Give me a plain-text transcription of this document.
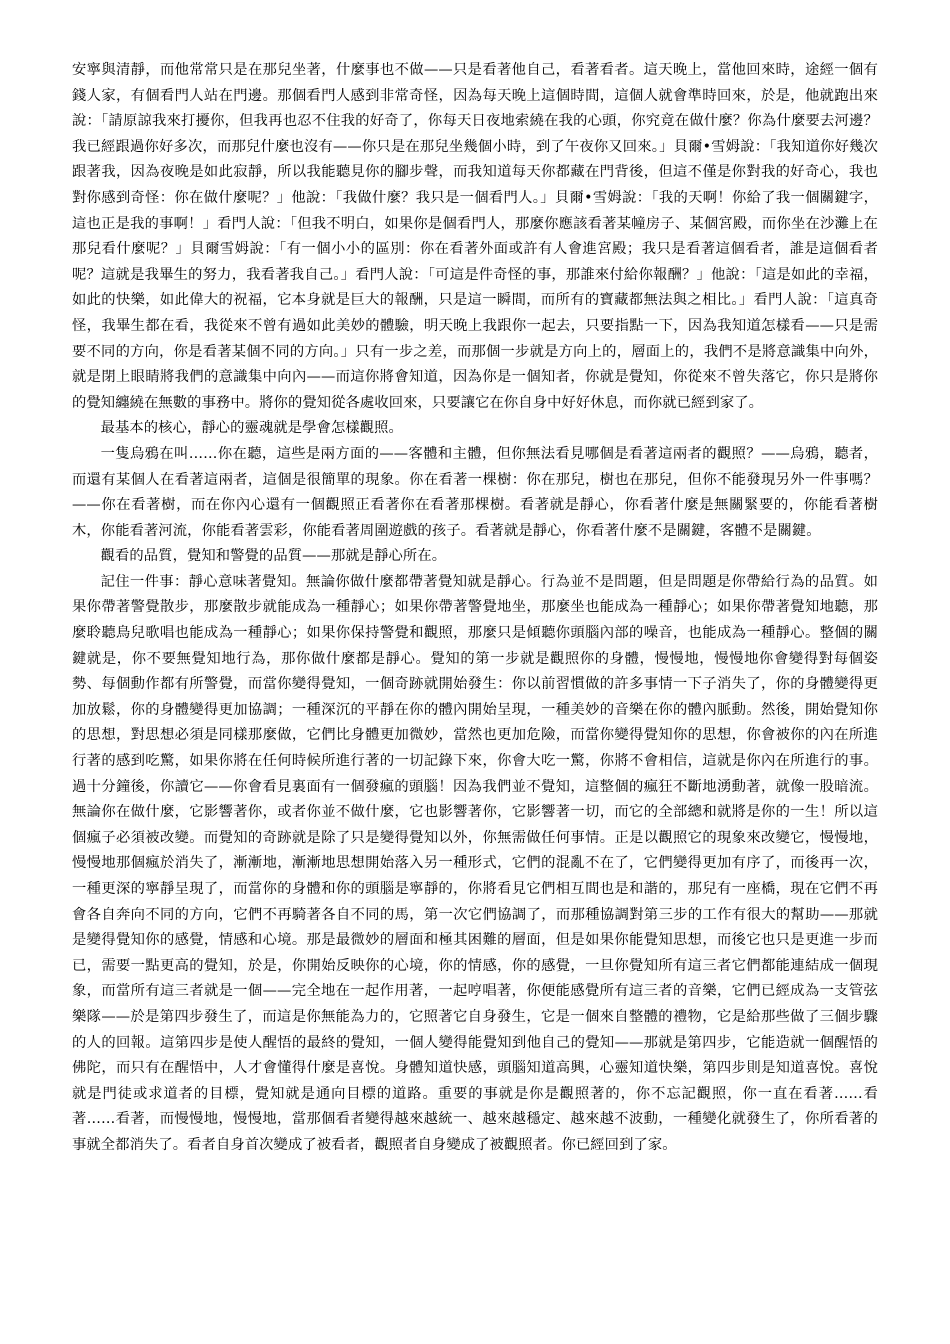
安寧與清靜，而他常常只是在那兒坐著，什麼事也不做——只是看著他自己，看著看者。這天晚上，當他回來時，途經一個有錢人家，有個看門人站在門邊。那個看門人感到非常奇怪，因為每天晚上這個時間，這個人就會準時回來，於是，他就跑出來說：「請原諒我來打擾你，但我再也忍不住我的好奇了，你每天日夜地索繞在我的心頭，你究竟在做什麼？你為什麼要去河邊？我已經跟過你好多次，而那兒什麼也沒有——你只是在那兒坐幾個小時，到了午夜你又回來。」貝爾•雪姆說：「我知道你好幾次跟著我，因為夜晚是如此寂靜，所以我能聽見你的腳步聲，而我知道每天你都藏在門背後，但這不僅是你對我的好奇心，我也對你感到奇怪：你在做什麼呢？」他說：「我做什麼？我只是一個看門人。」貝爾•雪姆說：「我的天啊！你給了我一個關鍵字，這也正是我的事啊！」看門人說：「但我不明白，如果你是個看門人，那麼你應該看著某幢房子、某個宮殿，而你坐在沙灘上在那兒看什麼呢？」貝爾雪姆說：「有一個小小的區別：你在看著外面或許有人會進宮殿；我只是看著這個看者，誰是這個看者呢？這就是我畢生的努力，我看著我自己。」看門人說：「可這是件奇怪的事，那誰來付給你報酬？」他說：「這是如此的幸福，如此的快樂，如此偉大的祝福，它本身就是巨大的報酬，只是這一瞬間，而所有的寶藏都無法與之相比。」看門人說：「這真奇怪，我畢生都在看，我從來不曾有過如此美妙的體驗，明天晚上我跟你一起去，只要指點一下，因為我知道怎樣看——只是需要不同的方向，你是看著某個不同的方向。」只有一步之差，而那個一步就是方向上的，層面上的，我們不是將意識集中向外，就是閉上眼睛將我們的意識集中向內——而這你將會知道，因為你是一個知者，你就是覺知，你從來不曾失落它，你只是將你的覺知纏繞在無數的事務中。將你的覺知從各處收回來，只要讓它在你自身中好好休息，而你就已經到家了。

最基本的核心，靜心的靈魂就是學會怎樣觀照。

一隻烏鴉在叫……你在聽，這些是兩方面的——客體和主體，但你無法看見哪個是看著這兩者的觀照？——烏鴉，聽者，而還有某個人在看著這兩者，這個是很簡單的現象。你在看著一棵樹：你在那兒，樹也在那兒，但你不能發現另外一件事嗎？——你在看著樹，而在你內心還有一個觀照正看著你在看著那棵樹。看著就是靜心，你看著什麼是無關緊要的，你能看著樹木，你能看著河流，你能看著雲彩，你能看著周圍遊戲的孩子。看著就是靜心，你看著什麼不是關鍵，客體不是關鍵。

觀看的品質，覺知和警覺的品質——那就是靜心所在。

記住一件事：靜心意味著覺知。無論你做什麼都帶著覺知就是靜心。行為並不是問題，但是問題是你帶給行為的品質。如果你帶著警覺散步，那麼散步就能成為一種靜心；如果你帶著警覺地坐，那麼坐也能成為一種靜心；如果你帶著覺知地聽，那麼聆聽鳥兒歌唱也能成為一種靜心；如果你保持警覺和觀照，那麼只是傾聽你頭腦內部的噪音，也能成為一種靜心。整個的關鍵就是，你不要無覺知地行為，那你做什麼都是靜心。覺知的第一步就是觀照你的身體，慢慢地，慢慢地你會變得對每個姿勢、每個動作都有所警覺，而當你變得覺知，一個奇跡就開始發生：你以前習慣做的許多事情一下子消失了，你的身體變得更加放鬆，你的身體變得更加協調；一種深沉的平靜在你的體內開始呈現，一種美妙的音樂在你的體內脈動。然後，開始覺知你的思想，對思想必須是同樣那麼做，它們比身體更加微妙，當然也更加危險，而當你變得覺知你的思想，你會被你的內在所進行著的感到吃驚，如果你將在任何時候所進行著的一切記錄下來，你會大吃一驚，你將不會相信，這就是你內在所進行的事。過十分鐘後，你讀它——你會看見裏面有一個發瘋的頭腦！因為我們並不覺知，這整個的瘋狂不斷地湧動著，就像一股暗流。無論你在做什麼，它影響著你，或者你並不做什麼，它也影響著你，它影響著一切，而它的全部總和就將是你的一生！所以這個瘋子必須被改變。而覺知的奇跡就是除了只是變得覺知以外，你無需做任何事情。正是以觀照它的現象來改變它，慢慢地，慢慢地那個瘋於消失了，漸漸地，漸漸地思想開始落入另一種形式，它們的混亂不在了，它們變得更加有序了，而後再一次，一種更深的寧靜呈現了，而當你的身體和你的頭腦是寧靜的，你將看見它們相互間也是和諧的，那兒有一座橋，現在它們不再會各自奔向不同的方向，它們不再騎著各自不同的馬，第一次它們協調了，而那種協調對第三步的工作有很大的幫助——那就是變得覺知你的感覺，情感和心境。那是最微妙的層面和極其困難的層面，但是如果你能覺知思想，而後它也只是更進一步而已，需要一點更高的覺知，於是，你開始反映你的心境，你的情感，你的感覺，一旦你覺知所有這三者它們都能連結成一個現象，而當所有這三者就是一個——完全地在一起作用著，一起哼唱著，你便能感覺所有這三者的音樂，它們已經成為一支管弦樂隊——於是第四步發生了，而這是你無能為力的，它照著它自身發生，它是一個來自整體的禮物，它是給那些做了三個步驟的人的回報。這第四步是使人醒悟的最終的覺知，一個人變得能覺知到他自己的覺知——那就是第四步，它能造就一個醒悟的佛陀，而只有在醒悟中，人才會懂得什麼是喜悅。身體知道快感，頭腦知道高興，心靈知道快樂，第四步則是知道喜悅。喜悅就是門徒或求道者的目標，覺知就是通向目標的道路。重要的事就是你是觀照著的，你不忘記觀照，你一直在看著……看著……看著，而慢慢地，慢慢地，當那個看者變得越來越統一、越來越穩定、越來越不波動，一種變化就發生了，你所看著的事就全都消失了。看者自身首次變成了被看者，觀照者自身變成了被觀照者。你已經回到了家。
